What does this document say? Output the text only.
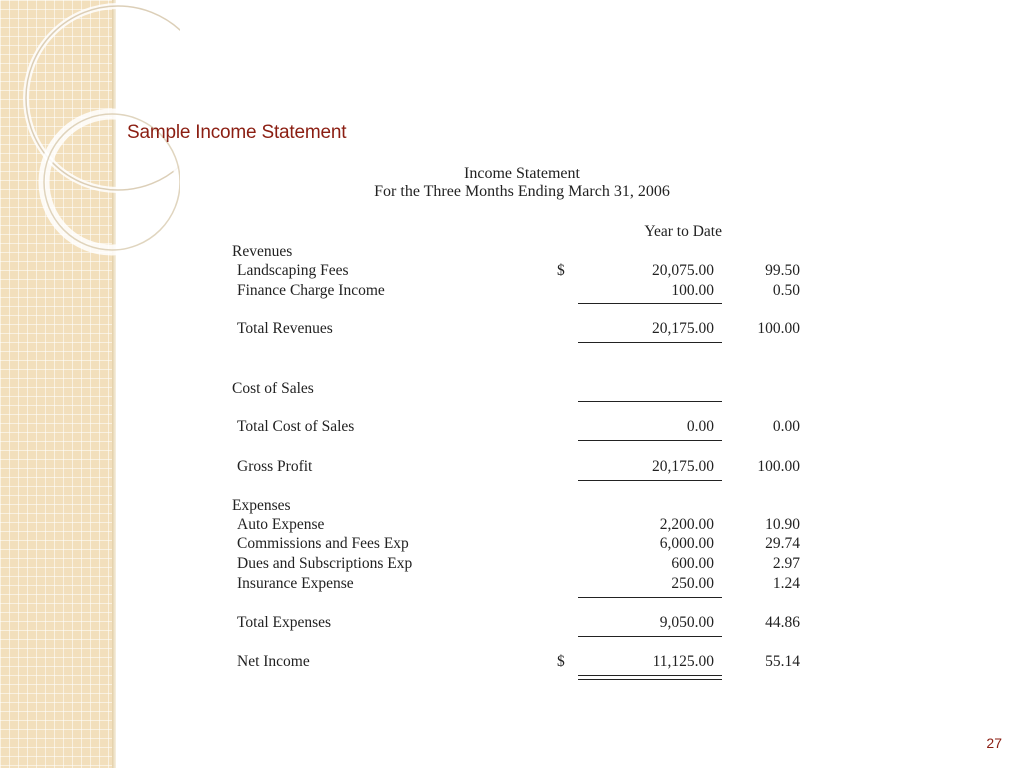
Sample Income Statement
Income Statement
For the Three Months Ending March 31, 2006
Year to Date
Revenues
Landscaping Fees	$	20,075.00	99.50
Finance Charge Income	100.00	0.50
Total Revenues	20,175.00	100.00
Cost of Sales
Total Cost of Sales	0.00	0.00
Gross Profit	20,175.00	100.00
Expenses
Auto Expense	2,200.00	10.90
Commissions and Fees Exp	6,000.00	29.74
Dues and Subscriptions Exp	600.00	2.97
Insurance Expense	250.00	1.24
Total Expenses	9,050.00	44.86
Net Income	$	11,125.00	55.14
27
